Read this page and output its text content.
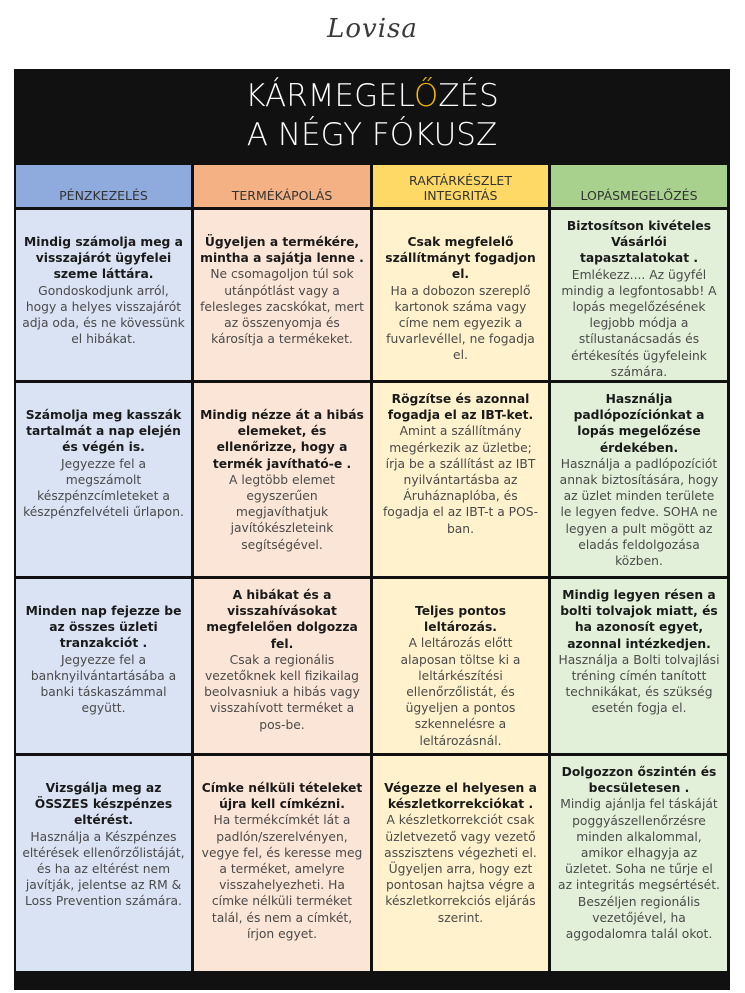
Lovisa
KÁRMEGELŐZÉS
A NÉGY FÓKUSZ
PÉNZKEZELÉS	TERMÉKÁPOLÁS
RAKTÁRKÉSZLET INTEGRITÁS	LOPÁSMEGELŐZÉS
Mindig számolja meg a visszajárót ügyfelei szeme láttára.
Gondoskodjunk arról, hogy a helyes visszajárót adja oda, és ne kövessünk el hibákat.
Ügyeljen a termékére, mintha a sajátja lenne .
Ne csomagoljon túl sok utánpótlást vagy a felesleges zacskókat, mert az összenyomja és károsítja a termékeket.
Csak megfelelő szállítmányt fogadjon el.
Ha a dobozon szereplő kartonok száma vagy címe nem egyezik a fuvarlevéllel, ne fogadja el.
Biztosítson kivételes Vásárlói tapasztalatokat .
Emlékezz.... Az ügyfél mindig a legfontosabb! A lopás megelőzésének legjobb módja a stílustanácsadás és értékesítés ügyfeleink számára.
Számolja meg kasszák tartalmát a nap elején és végén is.
Jegyezze fel a megszámolt készpénzcímleteket a készpénzfelvételi űrlapon.
Mindig nézze át a hibás elemeket, és ellenőrizze, hogy a termék javítható-e .
A legtöbb elemet egyszerűen megjavíthatjuk javítókészleteink segítségével.
Rögzítse és azonnal fogadja el az IBT-ket.
Amint a szállítmány megérkezik az üzletbe; írja be a szállítást az IBT nyilvántartásba az Áruháznaplóba, és fogadja el az IBT-t a POS-ban.
Használja padlópozíciónkat a lopás megelőzése érdekében.
Használja a padlópozíciót annak biztosítására, hogy az üzlet minden területe le legyen fedve. SOHA ne legyen a pult mögött az eladás feldolgozása közben.
Minden nap fejezze be az összes üzleti tranzakciót .
Jegyezze fel a banknyilvántartásába a banki táskaszámmal együtt.
A hibákat és a visszahívásokat megfelelően dolgozza fel.
Csak a regionális vezetőknek kell fizikailag beolvasniuk a hibás vagy visszahívott terméket a pos-be.
Teljes pontos leltározás.
A leltározás előtt alaposan töltse ki a leltárkészítési ellenőrzőlistát, és ügyeljen a pontos szkennelésre a leltározásnál.
Mindig legyen résen a bolti tolvajok miatt, és ha azonosít egyet, azonnal intézkedjen.
Használja a Bolti tolvajlási tréning címén tanított technikákat, és szükség esetén fogja el.
Vizsgálja meg az ÖSSZES készpénzes eltérést.
Használja a Készpénzes eltérések ellenőrzőlistáját, és ha az eltérést nem javítják, jelentse az RM & Loss Prevention számára.
Címke nélküli tételeket újra kell címkézni.
Ha termékcímkét lát a padlón/szerelvényen, vegye fel, és keresse meg a terméket, amelyre visszahelyezheti. Ha címke nélküli terméket talál, és nem a címkét, írjon egyet.
Végezze el helyesen a készletkorrekciókat .
A készletkorrekciót csak üzletvezető vagy vezető asszisztens végezheti el. Ügyeljen arra, hogy ezt pontosan hajtsa végre a készletkorrekciós eljárás szerint.
Dolgozzon őszintén és becsületesen .
Mindig ajánlja fel táskáját poggyászellenőrzésre minden alkalommal, amikor elhagyja az üzletet. Soha ne tűrje el az integritás megsértését. Beszéljen regionális vezetőjével, ha aggodalomra talál okot.
